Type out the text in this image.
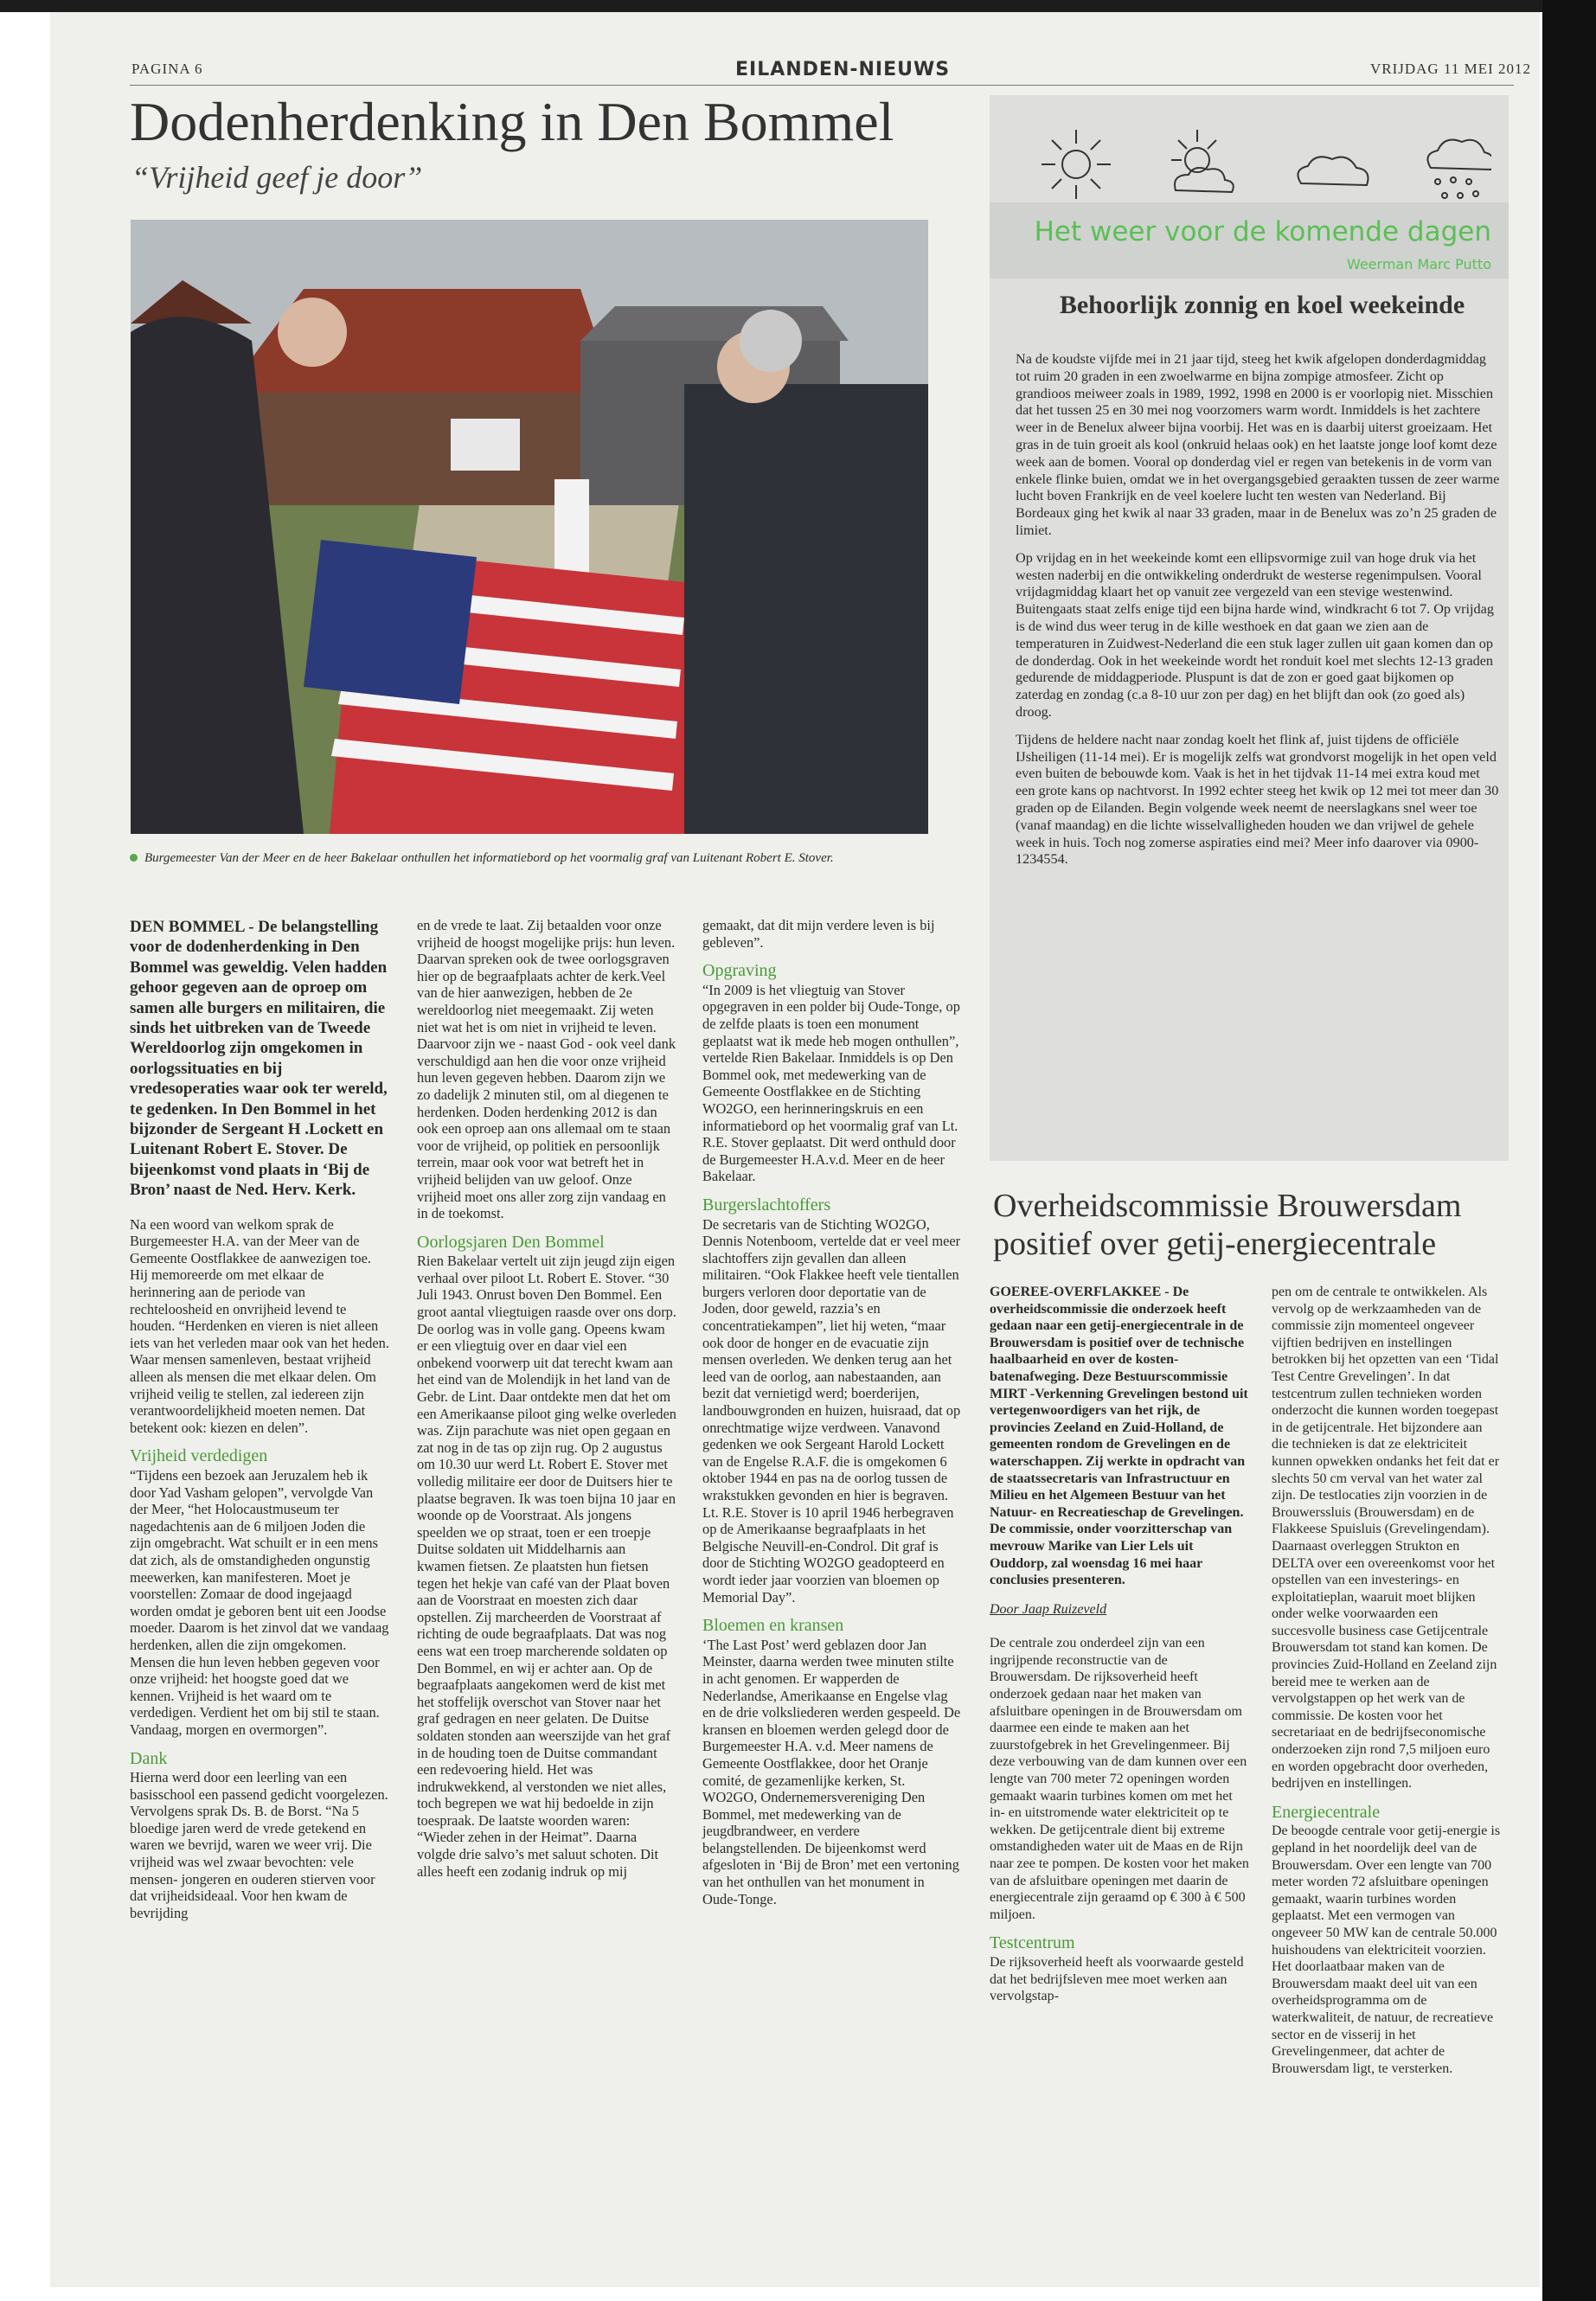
PAGINA 6	EILANDEN-NIEUWS	VRIJDAG 11 MEI 2012
Dodenherdenking in Den Bommel
“Vrijheid geef je door”
Burgemeester Van der Meer en de heer Bakelaar onthullen het informatiebord op het voormalig graf van Luitenant Robert E. Stover.

DEN BOMMEL - De belangstelling voor de dodenherdenking in Den Bommel was geweldig. Velen hadden gehoor gegeven aan de oproep om samen alle burgers en militairen, die sinds het uitbreken van de Tweede Wereldoorlog zijn omgekomen in oorlogssituaties en bij vredesoperaties waar ook ter wereld, te gedenken. In Den Bommel in het bijzonder de Sergeant H .Lockett en Luitenant Robert E. Stover. De bijeenkomst vond plaats in ‘Bij de Bron’ naast de Ned. Herv. Kerk.

Na een woord van welkom sprak de Burgemeester H.A. van der Meer van de Gemeente Oostflakkee de aanwezigen toe. Hij memoreerde om met elkaar de herinnering aan de periode van rechteloosheid en onvrijheid levend te houden. “Herdenken en vieren is niet alleen iets van het verleden maar ook van het heden. Waar mensen samenleven, bestaat vrijheid alleen als mensen die met elkaar delen. Om vrijheid veilig te stellen, zal iedereen zijn verantwoordelijkheid moeten nemen. Dat betekent ook: kiezen en delen”.

Vrijheid verdedigen

“Tijdens een bezoek aan Jeruzalem heb ik door Yad Vasham gelopen”, vervolgde Van der Meer, “het Holocaustmuseum ter nagedachtenis aan de 6 miljoen Joden die zijn omgebracht. Wat schuilt er in een mens dat zich, als de omstandigheden ongunstig meewerken, kan manifesteren. Moet je voorstellen: Zomaar de dood ingejaagd worden omdat je geboren bent uit een Joodse moeder. Daarom is het zinvol dat we vandaag herdenken, allen die zijn omgekomen. Mensen die hun leven hebben gegeven voor onze vrijheid: het hoogste goed dat we kennen. Vrijheid is het waard om te verdedigen. Verdient het om bij stil te staan. Vandaag, morgen en overmorgen”.

Dank

Hierna werd door een leerling van een basisschool een passend gedicht voorgelezen. Vervolgens sprak Ds. B. de Borst. “Na 5 bloedige jaren werd de vrede getekend en waren we bevrijd, waren we weer vrij. Die vrijheid was wel zwaar bevochten: vele mensen- jongeren en ouderen stierven voor dat vrijheidsideaal. Voor hen kwam de bevrijding

en de vrede te laat. Zij betaalden voor onze vrijheid de hoogst mogelijke prijs: hun leven. Daarvan spreken ook de twee oorlogsgraven hier op de begraafplaats achter de kerk.Veel van de hier aanwezigen, hebben de 2e wereldoorlog niet meegemaakt. Zij weten niet wat het is om niet in vrijheid te leven. Daarvoor zijn we - naast God - ook veel dank verschuldigd aan hen die voor onze vrijheid hun leven gegeven hebben. Daarom zijn we zo dadelijk 2 minuten stil, om al diegenen te herdenken. Doden herdenking 2012 is dan ook een oproep aan ons allemaal om te staan voor de vrijheid, op politiek en persoonlijk terrein, maar ook voor wat betreft het in vrijheid belijden van uw geloof. Onze vrijheid moet ons aller zorg zijn vandaag en in de toekomst.

Oorlogsjaren Den Bommel

Rien Bakelaar vertelt uit zijn jeugd zijn eigen verhaal over piloot Lt. Robert E. Stover. “30 Juli 1943. Onrust boven Den Bommel. Een groot aantal vliegtuigen raasde over ons dorp. De oorlog was in volle gang. Opeens kwam er een vliegtuig over en daar viel een onbekend voorwerp uit dat terecht kwam aan het eind van de Molendijk in het land van de Gebr. de Lint. Daar ontdekte men dat het om een Amerikaanse piloot ging welke overleden was. Zijn parachute was niet open gegaan en zat nog in de tas op zijn rug. Op 2 augustus om 10.30 uur werd Lt. Robert E. Stover met volledig militaire eer door de Duitsers hier te plaatse begraven. Ik was toen bijna 10 jaar en woonde op de Voorstraat. Als jongens speelden we op straat, toen er een troepje Duitse soldaten uit Middelharnis aan kwamen fietsen. Ze plaatsten hun fietsen tegen het hekje van café van der Plaat boven aan de Voorstraat en moesten zich daar opstellen. Zij marcheerden de Voorstraat af richting de oude begraafplaats. Dat was nog eens wat een troep marcherende soldaten op Den Bommel, en wij er achter aan. Op de begraafplaats aangekomen werd de kist met het stoffelijk overschot van Stover naar het graf gedragen en neer gelaten. De Duitse soldaten stonden aan weerszijde van het graf in de houding toen de Duitse commandant een redevoering hield. Het was indrukwekkend, al verstonden we niet alles, toch begrepen we wat hij bedoelde in zijn toespraak. De laatste woorden waren: “Wieder zehen in der Heimat”. Daarna volgde drie salvo’s met saluut schoten. Dit alles heeft een zodanig indruk op mij

gemaakt, dat dit mijn verdere leven is bij gebleven”.

Opgraving

“In 2009 is het vliegtuig van Stover opgegraven in een polder bij Oude-Tonge, op de zelfde plaats is toen een monument geplaatst wat ik mede heb mogen onthullen”, vertelde Rien Bakelaar. Inmiddels is op Den Bommel ook, met medewerking van de Gemeente Oostflakkee en de Stichting WO2GO, een herinneringskruis en een informatiebord op het voormalig graf van Lt. R.E. Stover geplaatst. Dit werd onthuld door de Burgemeester H.A.v.d. Meer en de heer Bakelaar.

Burgerslachtoffers

De secretaris van de Stichting WO2GO, Dennis Notenboom, vertelde dat er veel meer slachtoffers zijn gevallen dan alleen militairen. “Ook Flakkee heeft vele tientallen burgers verloren door deportatie van de Joden, door geweld, razzia’s en concentratiekampen”, liet hij weten, “maar ook door de honger en de evacuatie zijn mensen overleden. We denken terug aan het leed van de oorlog, aan nabestaanden, aan bezit dat vernietigd werd; boerderijen, landbouwgronden en huizen, huisraad, dat op onrechtmatige wijze verdween. Vanavond gedenken we ook Sergeant Harold Lockett van de Engelse R.A.F. die is omgekomen 6 oktober 1944 en pas na de oorlog tussen de wrakstukken gevonden en hier is begraven. Lt. R.E. Stover is 10 april 1946 herbegraven op de Amerikaanse begraafplaats in het Belgische Neuvill-en-Condrol. Dit graf is door de Stichting WO2GO geadopteerd en wordt ieder jaar voorzien van bloemen op Memorial Day”.

Bloemen en kransen

‘The Last Post’ werd geblazen door Jan Meinster, daarna werden twee minuten stilte in acht genomen. Er wapperden de Nederlandse, Amerikaanse en Engelse vlag en de drie volksliederen werden gespeeld. De kransen en bloemen werden gelegd door de Burgemeester H.A. v.d. Meer namens de Gemeente Oostflakkee, door het Oranje comité, de gezamenlijke kerken, St. WO2GO, Ondernemersvereniging Den Bommel, met medewerking van de jeugdbrandweer, en verdere belangstellenden. De bijeenkomst werd afgesloten in ‘Bij de Bron’ met een vertoning van het onthullen van het monument in Oude-Tonge.

Het weer voor de komende dagen
Weerman Marc Putto
Behoorlijk zonnig en koel weekeinde

Na de koudste vijfde mei in 21 jaar tijd, steeg het kwik afgelopen donderdagmiddag tot ruim 20 graden in een zwoelwarme en bijna zompige atmosfeer. Zicht op grandioos meiweer zoals in 1989, 1992, 1998 en 2000 is er voorlopig niet. Misschien dat het tussen 25 en 30 mei nog voorzomers warm wordt. Inmiddels is het zachtere weer in de Benelux alweer bijna voorbij. Het was en is daarbij uiterst groeizaam. Het gras in de tuin groeit als kool (onkruid helaas ook) en het laatste jonge loof komt deze week aan de bomen. Vooral op donderdag viel er regen van betekenis in de vorm van enkele flinke buien, omdat we in het overgangsgebied geraakten tussen de zeer warme lucht boven Frankrijk en de veel koelere lucht ten westen van Nederland. Bij Bordeaux ging het kwik al naar 33 graden, maar in de Benelux was zo’n 25 graden de limiet.

Op vrijdag en in het weekeinde komt een ellipsvormige zuil van hoge druk via het westen naderbij en die ontwikkeling onderdrukt de westerse regenimpulsen. Vooral vrijdagmiddag klaart het op vanuit zee vergezeld van een stevige westenwind. Buitengaats staat zelfs enige tijd een bijna harde wind, windkracht 6 tot 7. Op vrijdag is de wind dus weer terug in de kille westhoek en dat gaan we zien aan de temperaturen in Zuidwest-Nederland die een stuk lager zullen uit gaan komen dan op de donderdag. Ook in het weekeinde wordt het ronduit koel met slechts 12-13 graden gedurende de middagperiode. Pluspunt is dat de zon er goed gaat bijkomen op zaterdag en zondag (c.a 8-10 uur zon per dag) en het blijft dan ook (zo goed als) droog.

Tijdens de heldere nacht naar zondag koelt het flink af, juist tijdens de officiële IJsheiligen (11-14 mei). Er is mogelijk zelfs wat grondvorst mogelijk in het open veld even buiten de bebouwde kom. Vaak is het in het tijdvak 11-14 mei extra koud met een grote kans op nachtvorst. In 1992 echter steeg het kwik op 12 mei tot meer dan 30 graden op de Eilanden. Begin volgende week neemt de neerslagkans snel weer toe (vanaf maandag) en die lichte wisselvalligheden houden we dan vrijwel de gehele week in huis. Toch nog zomerse aspiraties eind mei? Meer info daarover via 0900-1234554.

Overheidscommissie Brouwersdam positief over getij-energiecentrale

GOEREE-OVERFLAKKEE - De overheidscommissie die onderzoek heeft gedaan naar een getij-energiecentrale in de Brouwersdam is positief over de technische haalbaarheid en over de kosten-batenafweging. Deze Bestuurscommissie MIRT -Verkenning Grevelingen bestond uit vertegenwoordigers van het rijk, de provincies Zeeland en Zuid-Holland, de gemeenten rondom de Grevelingen en de waterschappen. Zij werkte in opdracht van de staatssecretaris van Infrastructuur en Milieu en het Algemeen Bestuur van het Natuur- en Recreatieschap de Grevelingen. De commissie, onder voorzitterschap van mevrouw Marike van Lier Lels uit Ouddorp, zal woensdag 16 mei haar conclusies presenteren.

Door Jaap Ruizeveld

De centrale zou onderdeel zijn van een ingrijpende reconstructie van de Brouwersdam. De rijksoverheid heeft onderzoek gedaan naar het maken van afsluitbare openingen in de Brouwersdam om daarmee een einde te maken aan het zuurstofgebrek in het Grevelingenmeer. Bij deze verbouwing van de dam kunnen over een lengte van 700 meter 72 openingen worden gemaakt waarin turbines komen om met het in- en uitstromende water elektriciteit op te wekken. De getijcentrale dient bij extreme omstandigheden water uit de Maas en de Rijn naar zee te pompen. De kosten voor het maken van de afsluitbare openingen met daarin de energiecentrale zijn geraamd op € 300 à € 500 miljoen.

Testcentrum

De rijksoverheid heeft als voorwaarde gesteld dat het bedrijfsleven mee moet werken aan vervolgstap-

pen om de centrale te ontwikkelen. Als vervolg op de werkzaamheden van de commissie zijn momenteel ongeveer vijftien bedrijven en instellingen betrokken bij het opzetten van een ‘Tidal Test Centre Grevelingen’. In dat testcentrum zullen technieken worden onderzocht die kunnen worden toegepast in de getijcentrale. Het bijzondere aan die technieken is dat ze elektriciteit kunnen opwekken ondanks het feit dat er slechts 50 cm verval van het water zal zijn. De testlocaties zijn voorzien in de Brouwerssluis (Brouwersdam) en de Flakkeese Spuisluis (Grevelingendam). Daarnaast overleggen Strukton en DELTA over een overeenkomst voor het opstellen van een investerings- en exploitatieplan, waaruit moet blijken onder welke voorwaarden een succesvolle business case Getijcentrale Brouwersdam tot stand kan komen. De provincies Zuid-Holland en Zeeland zijn bereid mee te werken aan de vervolgstappen op het werk van de commissie. De kosten voor het secretariaat en de bedrijfseconomische onderzoeken zijn rond 7,5 miljoen euro en worden opgebracht door overheden, bedrijven en instellingen.

Energiecentrale

De beoogde centrale voor getij-energie is gepland in het noordelijk deel van de Brouwersdam. Over een lengte van 700 meter worden 72 afsluitbare openingen gemaakt, waarin turbines worden geplaatst. Met een vermogen van ongeveer 50 MW kan de centrale 50.000 huishoudens van elektriciteit voorzien. Het doorlaatbaar maken van de Brouwersdam maakt deel uit van een overheidsprogramma om de waterkwaliteit, de natuur, de recreatieve sector en de visserij in het Grevelingenmeer, dat achter de Brouwersdam ligt, te versterken.
